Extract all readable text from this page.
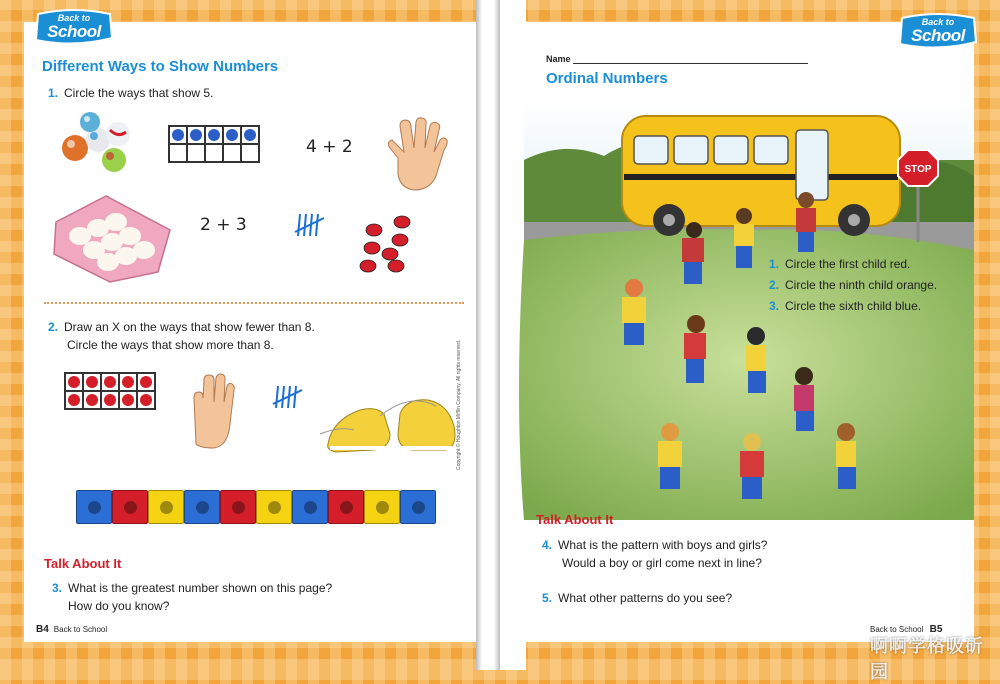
Back to
School
Different Ways to Show Numbers
1. Circle the ways that show 5.
4 + 2
2 + 3
2. Draw an X on the ways that show fewer than 8.
Circle the ways that show more than 8.	Copyright © Houghton Mifflin Company. All rights reserved.
Talk About It
3. What is the greatest number shown on this page?
How do you know?
B4 Back to School
Back to
School
Name
Ordinal Numbers
STOP
1. Circle the first child red.
2. Circle the ninth child orange.
3. Circle the sixth child blue.
Talk About It
4. What is the pattern with boys and girls?
Would a boy or girl come next in line?
5. What other patterns do you see?
Back to School B5
啊啊学格吸斫园
